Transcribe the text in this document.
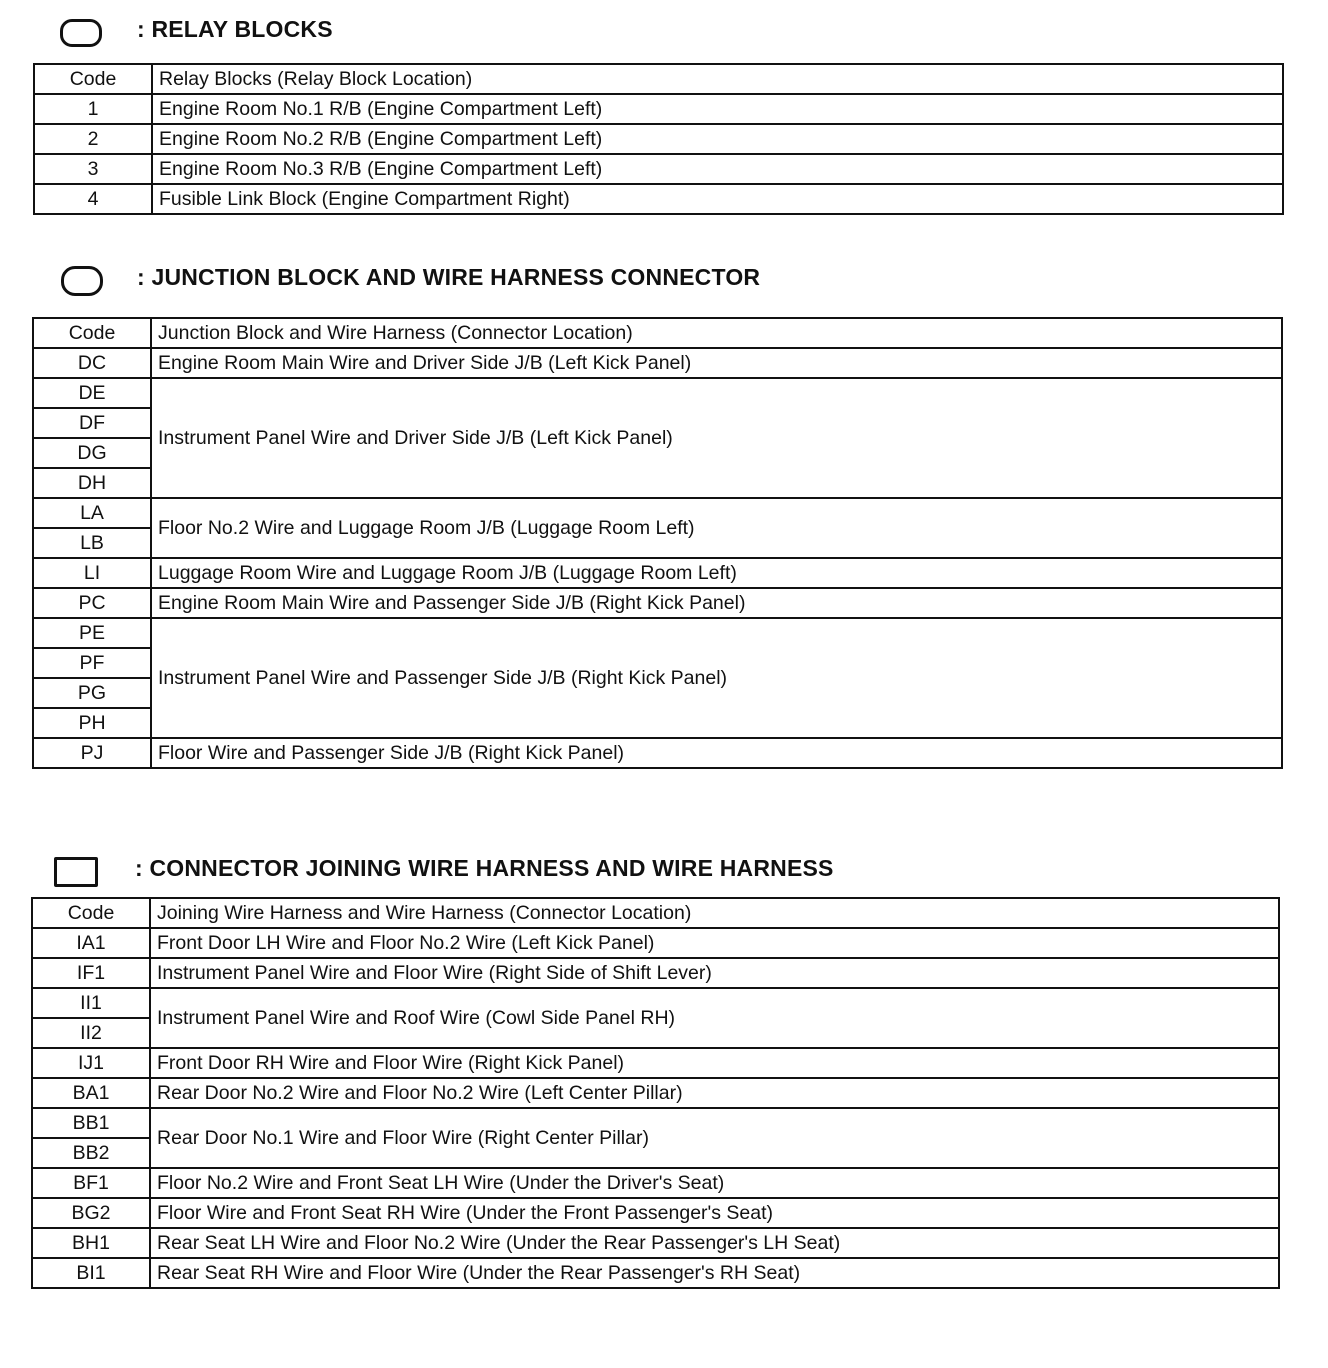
: RELAY BLOCKS
Code	Relay Blocks (Relay Block Location)
1	Engine Room No.1 R/B (Engine Compartment Left)
2	Engine Room No.2 R/B (Engine Compartment Left)
3	Engine Room No.3 R/B (Engine Compartment Left)
4	Fusible Link Block (Engine Compartment Right)
: JUNCTION BLOCK AND WIRE HARNESS CONNECTOR
Code	Junction Block and Wire Harness (Connector Location)
DC	Engine Room Main Wire and Driver Side J/B (Left Kick Panel)
DE	Instrument Panel Wire and Driver Side J/B (Left Kick Panel)
DF	
DG	
DH	
LA	Floor No.2 Wire and Luggage Room J/B (Luggage Room Left)
LB	
LI	Luggage Room Wire and Luggage Room J/B (Luggage Room Left)
PC	Engine Room Main Wire and Passenger Side J/B (Right Kick Panel)
PE	Instrument Panel Wire and Passenger Side J/B (Right Kick Panel)
PF	
PG	
PH	
PJ	Floor Wire and Passenger Side J/B (Right Kick Panel)
: CONNECTOR JOINING WIRE HARNESS AND WIRE HARNESS
Code	Joining Wire Harness and Wire Harness (Connector Location)
IA1	Front Door LH Wire and Floor No.2 Wire (Left Kick Panel)
IF1	Instrument Panel Wire and Floor Wire (Right Side of Shift Lever)
II1	Instrument Panel Wire and Roof Wire (Cowl Side Panel RH)
II2	
IJ1	Front Door RH Wire and Floor Wire (Right Kick Panel)
BA1	Rear Door No.2 Wire and Floor No.2 Wire (Left Center Pillar)
BB1	Rear Door No.1 Wire and Floor Wire (Right Center Pillar)
BB2	
BF1	Floor No.2 Wire and Front Seat LH Wire (Under the Driver's Seat)
BG2	Floor Wire and Front Seat RH Wire (Under the Front Passenger's Seat)
BH1	Rear Seat LH Wire and Floor No.2 Wire (Under the Rear Passenger's LH Seat)
BI1	Rear Seat RH Wire and Floor Wire (Under the Rear Passenger's RH Seat)
